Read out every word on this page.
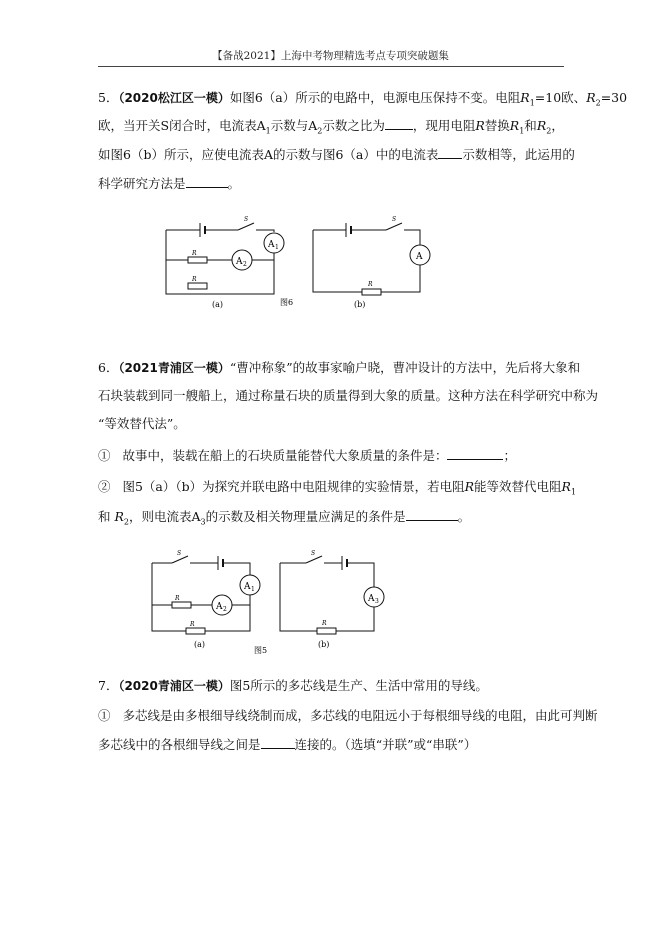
【备战2021】上海中考物理精选考点专项突破题集
5．（2020松江区一模）如图6（a）所示的电路中，电源电压保持不变。电阻$R_1=10$欧、$R_2=30$
欧，当开关S闭合时，电流表$A_1$示数与$A_2$示数之比为 ，现用电阻R替换$R_1$和$R_2$，
如图6（b）所示，应使电流表A的示数与图6（a）中的电流表 示数相等，此运用的
科学研究方法是	。
A 1
A 2
R
R
S
A
R
S
(a)	图6	(b)
6．（2021青浦区一模）“曹冲称象”的故事家喻户晓，曹冲设计的方法中，先后将大象和
石块装载到同一艘船上，通过称量石块的质量得到大象的质量。这种方法在科学研究中称为
“等效替代法”。
① 故事中，装载在船上的石块质量能替代大象质量的条件是：	；
② 图5（a）（b）为探究并联电路中电阻规律的实验情景，若电阻R能等效替代电阻$R_1$
和 $R_2$，则电流表$A_3$的示数及相关物理量应满足的条件是	。
S
A 1
A 2
R
R
S
A 3
R
(a)
图5
(b)
7．（2020青浦区一模）图5所示的多芯线是生产、生活中常用的导线。
① 多芯线是由多根细导线绕制而成，多芯线的电阻远小于每根细导线的电阻，由此可判断
多芯线中的各根细导线之间是	连接的。（选填“并联”或“串联”）
